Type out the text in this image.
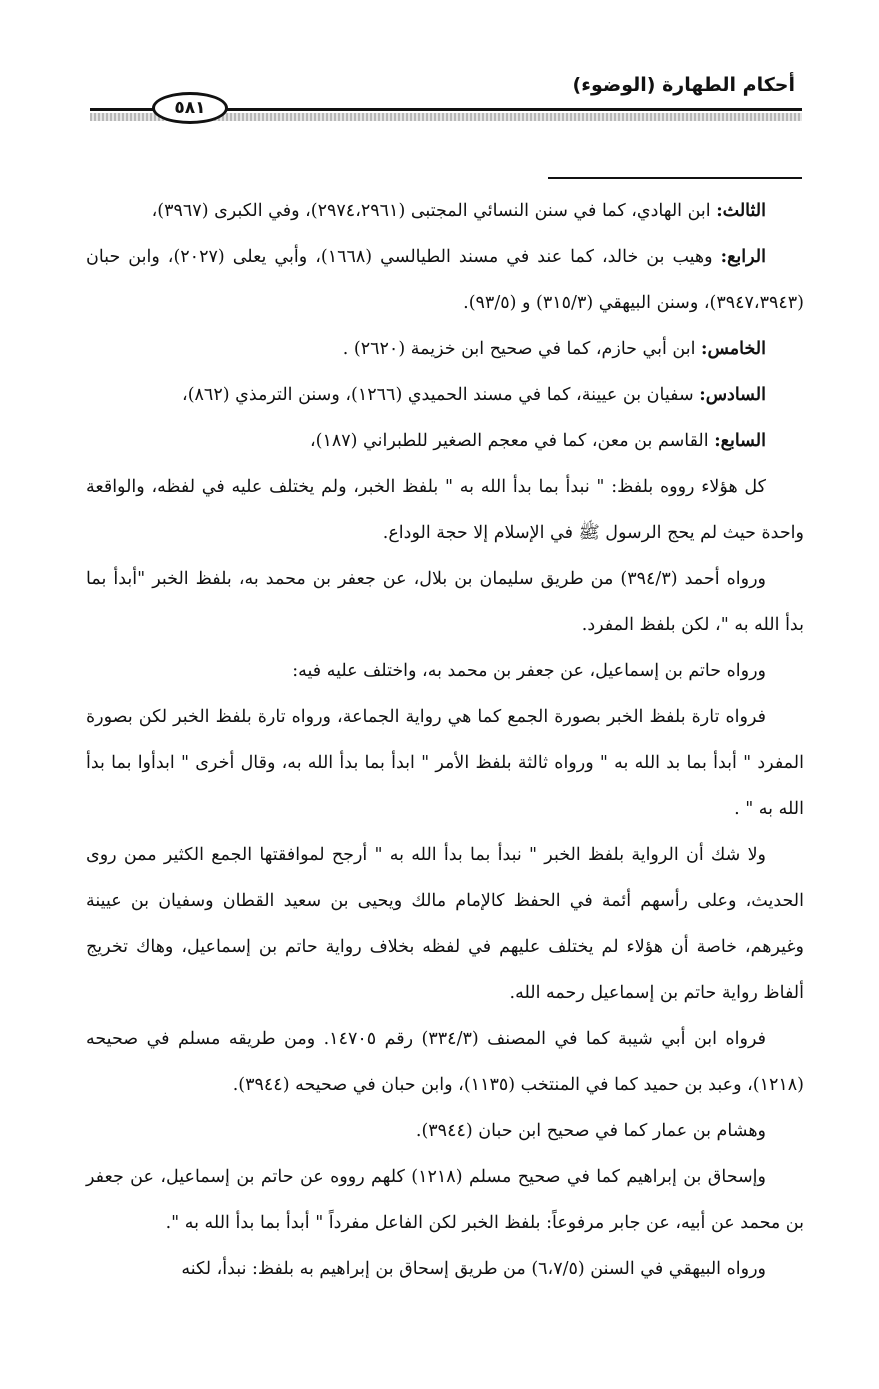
أحكام الطهارة (الوضوء)
٥٨١

الثالث: ابن الهادي، كما في سنن النسائي المجتبى (٢٩٧٤،٢٩٦١)، وفي الكبرى (٣٩٦٧)،

الرابع: وهيب بن خالد، كما عند في مسند الطيالسي (١٦٦٨)، وأبي يعلى (٢٠٢٧)، وابن حبان (٣٩٤٧،٣٩٤٣)، وسنن البيهقي (٣١٥/٣) و (٩٣/٥).

الخامس: ابن أبي حازم، كما في صحيح ابن خزيمة (٢٦٢٠) .

السادس: سفيان بن عيينة، كما في مسند الحميدي (١٢٦٦)، وسنن الترمذي (٨٦٢)،

السابع: القاسم بن معن، كما في معجم الصغير للطبراني (١٨٧)،

كل هؤلاء رووه بلفظ: " نبدأ بما بدأ الله به " بلفظ الخبر، ولم يختلف عليه في لفظه، والواقعة واحدة حيث لم يحج الرسول ﷺ في الإسلام إلا حجة الوداع.

ورواه أحمد (٣٩٤/٣) من طريق سليمان بن بلال، عن جعفر بن محمد به، بلفظ الخبر "أبدأ بما بدأ الله به "، لكن بلفظ المفرد.

ورواه حاتم بن إسماعيل، عن جعفر بن محمد به، واختلف عليه فيه:

فرواه تارة بلفظ الخبر بصورة الجمع كما هي رواية الجماعة، ورواه تارة بلفظ الخبر لكن بصورة المفرد " أبدأ بما بد الله به " ورواه ثالثة بلفظ الأمر " ابدأ بما بدأ الله به، وقال أخرى " ابدأوا بما بدأ الله به " .

ولا شك أن الرواية بلفظ الخبر " نبدأ بما بدأ الله به " أرجح لموافقتها الجمع الكثير ممن روى الحديث، وعلى رأسهم أئمة في الحفظ كالإمام مالك ويحيى بن سعيد القطان وسفيان بن عيينة وغيرهم، خاصة أن هؤلاء لم يختلف عليهم في لفظه بخلاف رواية حاتم بن إسماعيل، وهاك تخريج ألفاظ رواية حاتم بن إسماعيل رحمه الله.

فرواه ابن أبي شيبة كما في المصنف (٣٣٤/٣) رقم ١٤٧٠٥. ومن طريقه مسلم في صحيحه (١٢١٨)، وعبد بن حميد كما في المنتخب (١١٣٥)، وابن حبان في صحيحه (٣٩٤٤).

وهشام بن عمار كما في صحيح ابن حبان (٣٩٤٤).

وإسحاق بن إبراهيم كما في صحيح مسلم (١٢١٨) كلهم رووه عن حاتم بن إسماعيل، عن جعفر بن محمد عن أبيه، عن جابر مرفوعاً: بلفظ الخبر لكن الفاعل مفرداً " أبدأ بما بدأ الله به ".

ورواه البيهقي في السنن (٦،٧/٥) من طريق إسحاق بن إبراهيم به بلفظ: نبدأ، لكنه
